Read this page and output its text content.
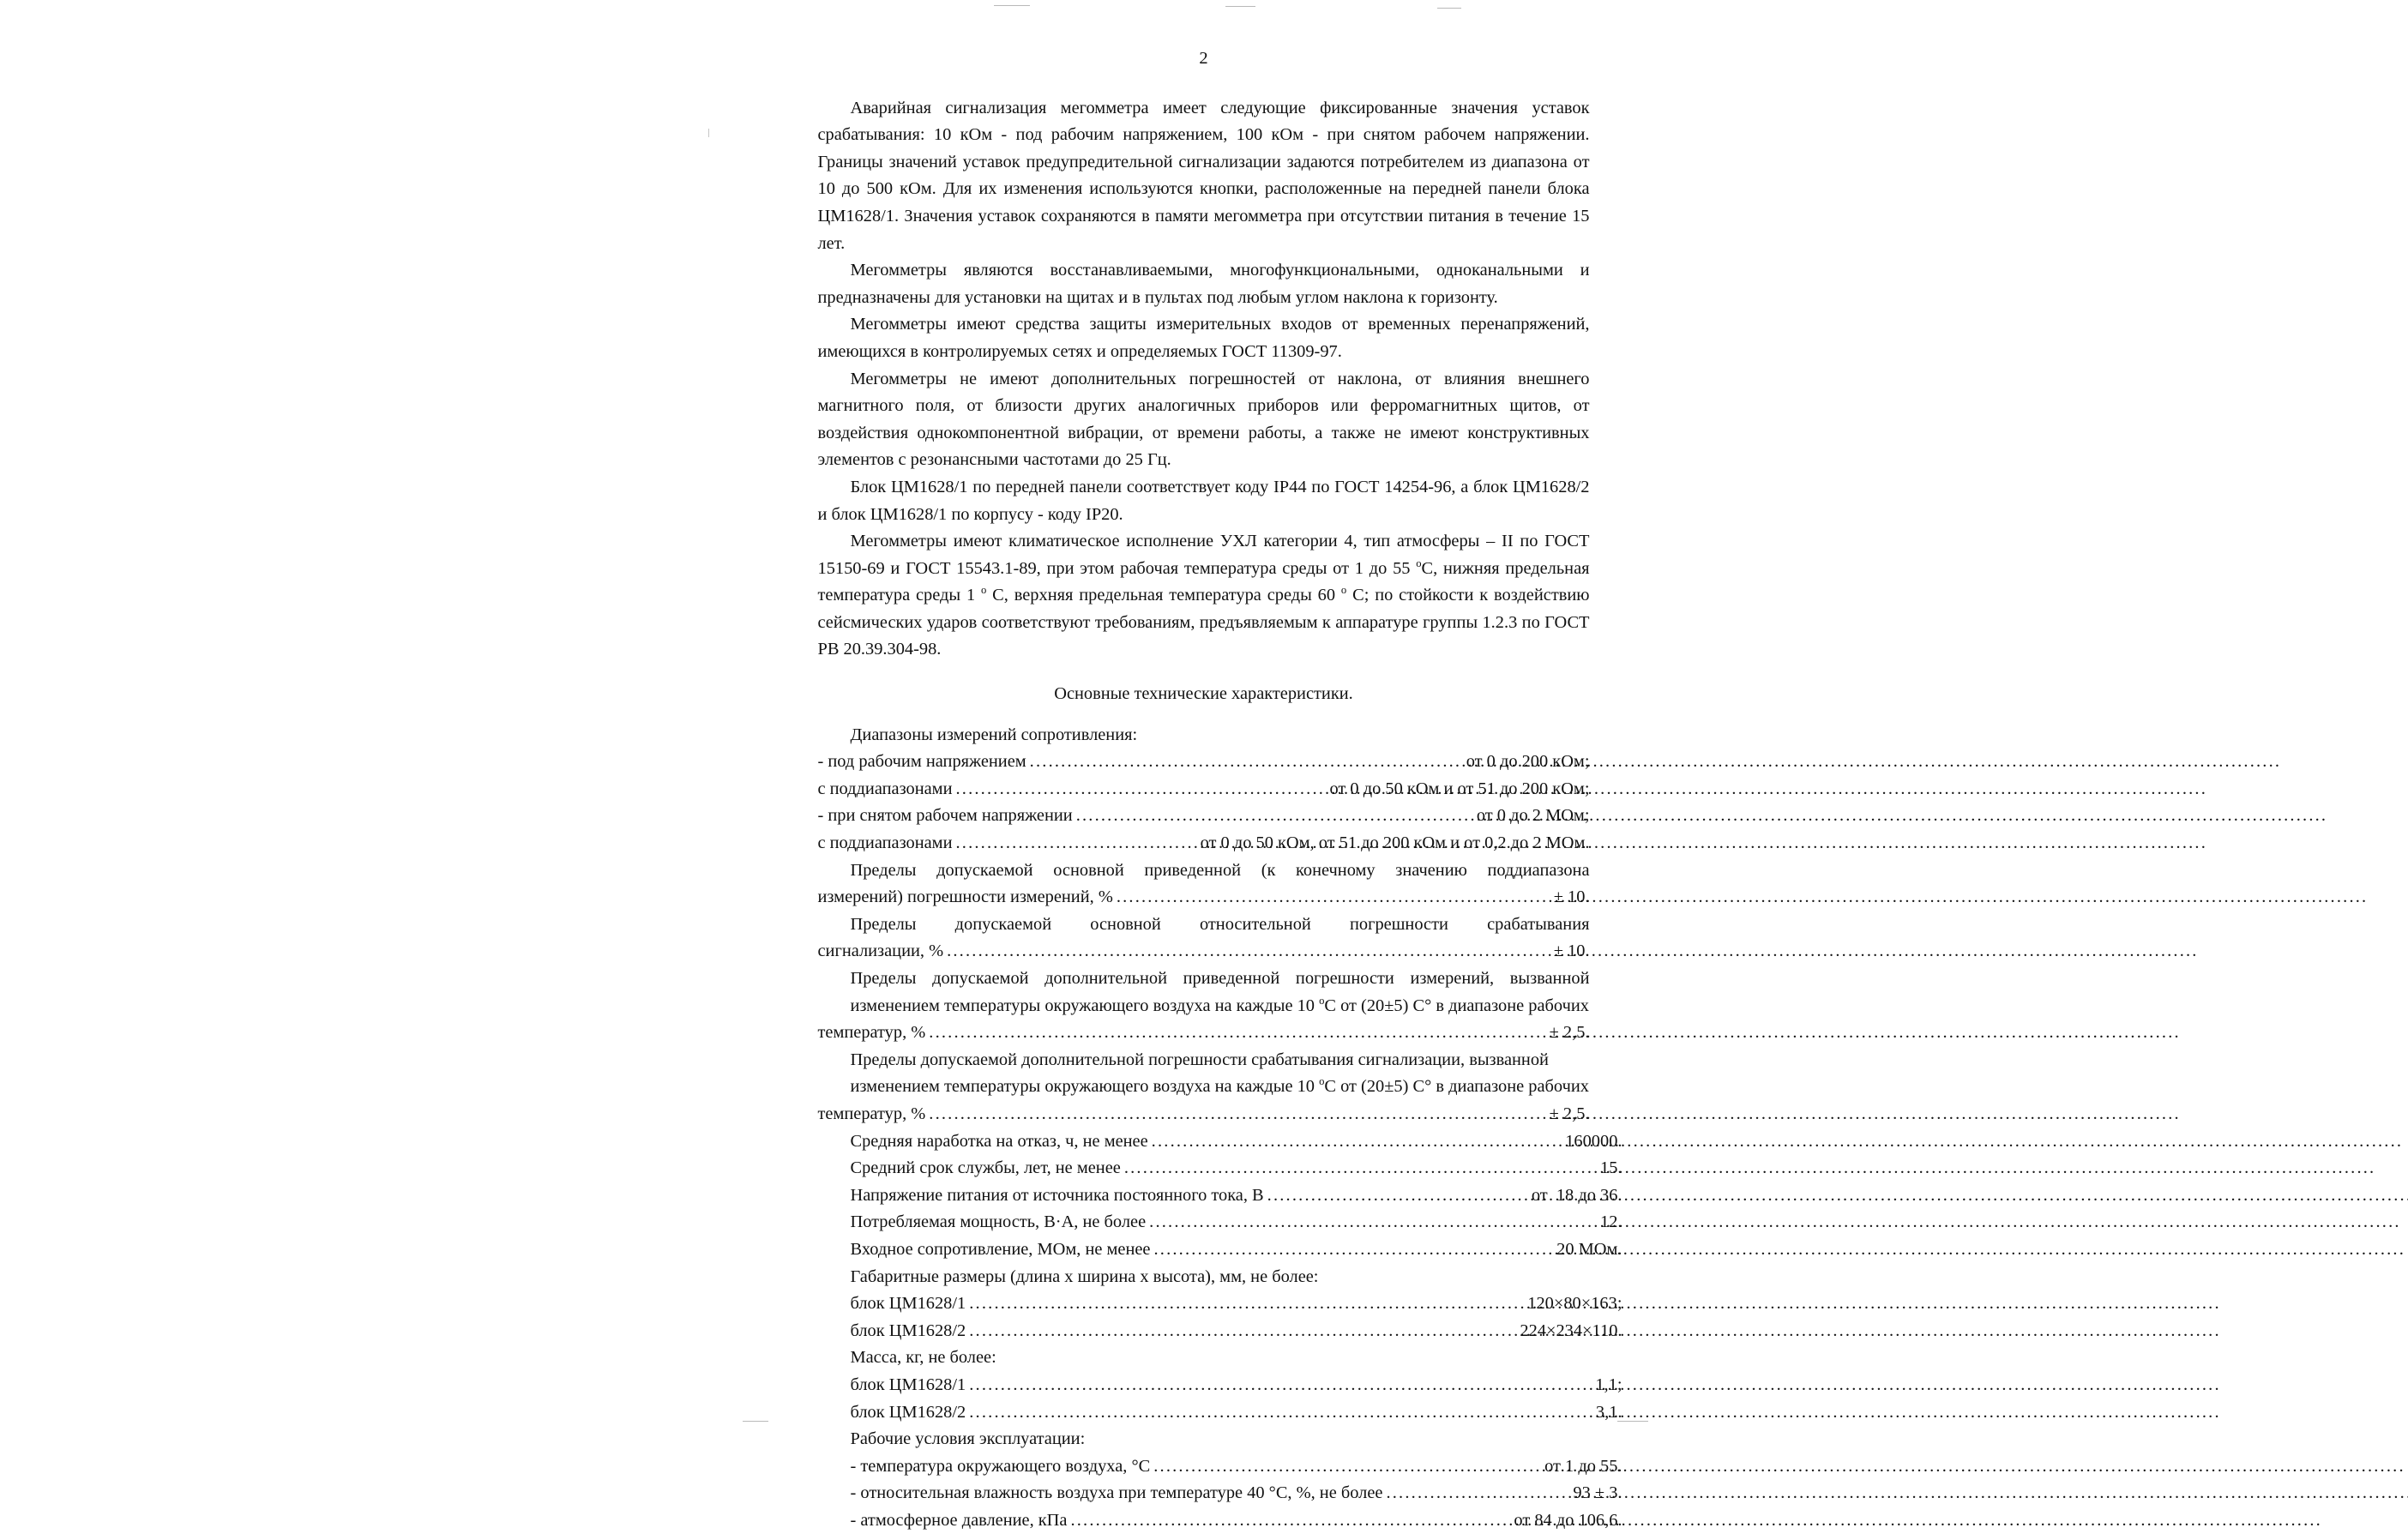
2

Аварийная сигнализация мегомметра имеет следующие фиксированные значения уставок срабатывания: 10 кОм - под рабочим напряжением, 100 кОм - при снятом рабочем напряжении. Границы значений уставок предупредительной сигнализации задаются потребителем из диапазона от 10 до 500 кОм. Для их изменения используются кнопки, расположенные на передней панели блока ЦМ1628/1. Значения уставок сохраняются в памяти мегомметра при отсутствии питания в течение 15 лет.

Мегомметры являются восстанавливаемыми, многофункциональными, одноканальными и предназначены для установки на щитах и в пультах под любым углом наклона к горизонту.

Мегомметры имеют средства защиты измерительных входов от временных перенапряжений, имеющихся в контролируемых сетях и определяемых ГОСТ 11309-97.

Мегомметры не имеют дополнительных погрешностей от наклона, от влияния внешнего магнитного поля, от близости других аналогичных приборов или ферромагнитных щитов, от воздействия однокомпонентной вибрации, от времени работы, а также не имеют конструктивных элементов с резонансными частотами до 25 Гц.

Блок ЦМ1628/1 по передней панели соответствует коду IP44 по ГОСТ 14254-96, а блок ЦМ1628/2 и блок ЦМ1628/1 по корпусу - коду IP20.

Мегомметры имеют климатическое исполнение УХЛ категории 4, тип атмосферы – II по ГОСТ 15150-69 и ГОСТ 15543.1-89, при этом рабочая температура среды от 1 до 55 $^о$С, нижняя предельная температура среды 1 $^о$ С, верхняя предельная температура среды 60 $^о$ С; по стойкости к воздействию сейсмических ударов соответствуют требованиям, предъявляемым к аппаратуре группы 1.2.3 по ГОСТ РВ 20.39.304-98.

Основные технические характеристики.
Диапазоны измерений сопротивления:
- под рабочим напряжением .....	от 0 до 200 кОм;
с поддиапазонами .....	от 0 до 50 кОм и от 51 до 200 кОм;
- при снятом рабочем напряжении .....	от 0 до 2 МОм;
с поддиапазонами .....	от 0 до 50 кОм, от 51 до 200 кОм и от 0,2 до 2 МОм.
Пределы допускаемой основной приведенной (к конечному значению поддиапазона
измерений) погрешности измерений, % .....	± 10.
Пределы допускаемой основной относительной погрешности срабатывания
сигнализации, % .....	± 10.
Пределы допускаемой дополнительной приведенной погрешности измерений, вызванной
изменением температуры окружающего воздуха на каждые 10 $^о$С от (20±5) С° в диапазоне рабочих
температур, % .....	± 2,5.
Пределы допускаемой дополнительной погрешности срабатывания сигнализации, вызванной
изменением температуры окружающего воздуха на каждые 10 $^о$С от (20±5) С° в диапазоне рабочих
температур, % .....	± 2,5.
Средняя наработка на отказ, ч, не менее .....	160000.
Средний срок службы, лет, не менее .....	15.
Напряжение питания от источника постоянного тока, В .....	от  18 до 36.
Потребляемая мощность, В·А, не более .....	12.
Входное сопротивление, МОм, не менее .....	20 МОм.
Габаритные размеры (длина х ширина х высота), мм, не более:
блок ЦМ1628/1 .....	120×80×163;
блок ЦМ1628/2 .....	224×234×110.
Масса, кг, не более:
блок ЦМ1628/1 .....	1,1;
блок ЦМ1628/2 .....	3,1.
Рабочие условия эксплуатации:
- температура окружающего воздуха, °С .....	от 1 до 55.
- относительная влажность воздуха при температуре 40 °С, %, не более .....	93 ± 3.
- атмосферное давление, кПа .....	от 84 до 106,6.
